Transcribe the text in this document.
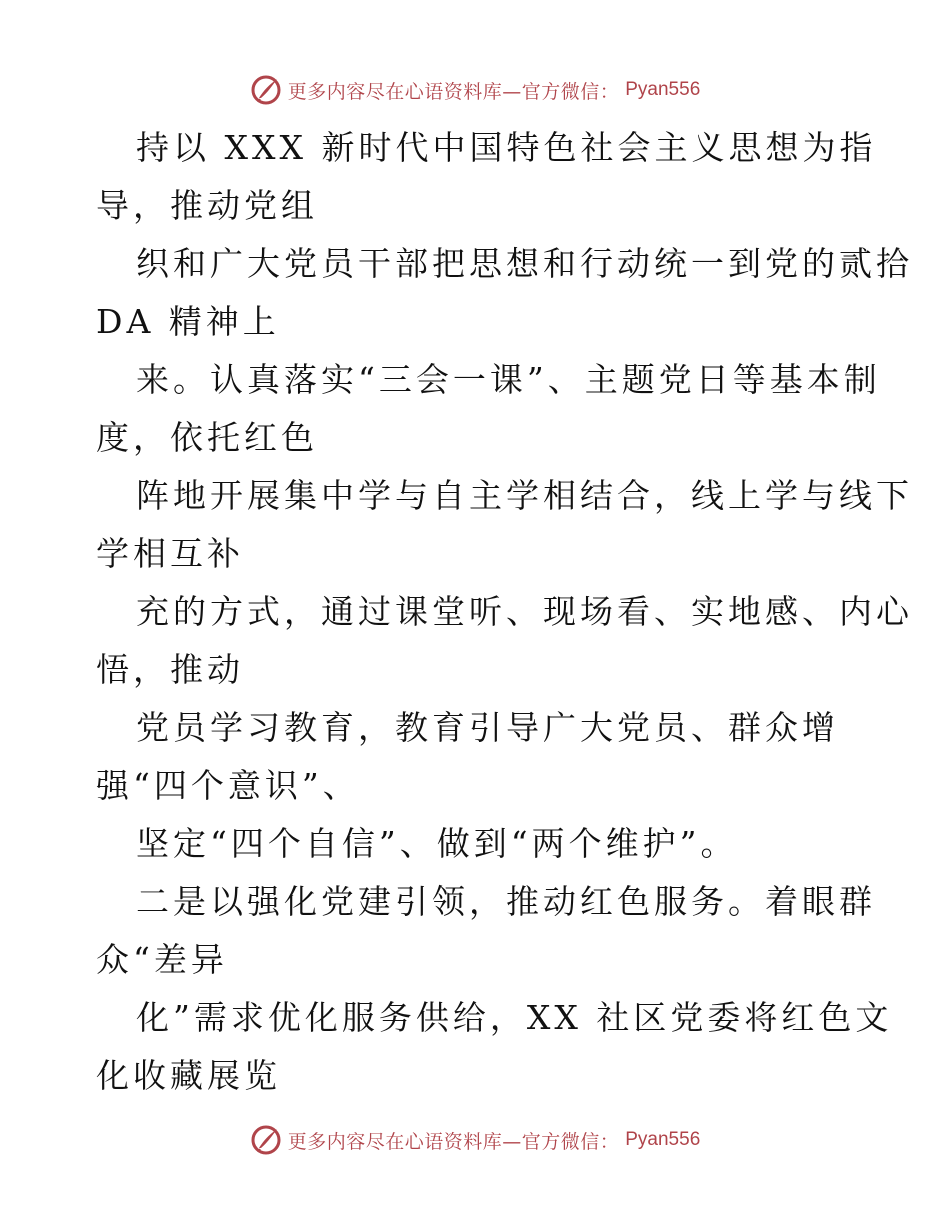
更多内容尽在心语资料库—官方微信： Pyan556
持以 XXX 新时代中国特色社会主义思想为指
导，推动党组
织和广大党员干部把思想和行动统一到党的贰拾
DA 精神上
来。认真落实“三会一课”、主题党日等基本制
度，依托红色
阵地开展集中学与自主学相结合，线上学与线下
学相互补
充的方式，通过课堂听、现场看、实地感、内心
悟，推动
党员学习教育，教育引导广大党员、群众增
强“四个意识”、
坚定“四个自信”、做到“两个维护”。
二是以强化党建引领，推动红色服务。着眼群
众“差异
化”需求优化服务供给，XX 社区党委将红色文
化收藏展览
更多内容尽在心语资料库—官方微信： Pyan556
